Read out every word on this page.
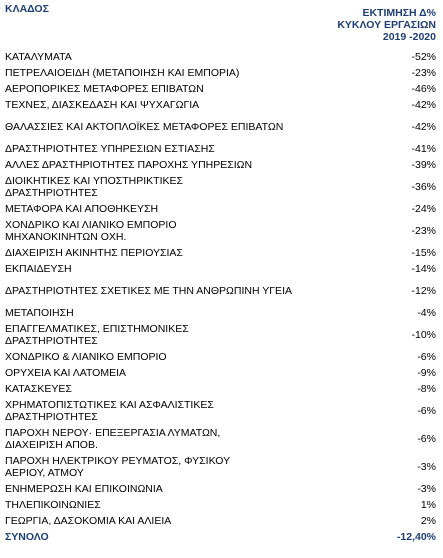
ΚΛΑΔΟΣ	ΕΚΤΙΜΗΣΗ Δ%
ΚΥΚΛΟΥ ΕΡΓΑΣΙΩΝ
2019 -2020
ΚΑΤΑΛΥΜΑΤΑ	-52%
ΠΕΤΡΕΛΑΙΟΕΙΔΗ (ΜΕΤΑΠΟΙΗΣΗ ΚΑΙ ΕΜΠΟΡΙΑ)	-23%
ΑΕΡΟΠΟΡΙΚΕΣ ΜΕΤΑΦΟΡΕΣ ΕΠΙΒΑΤΩΝ	-46%
ΤΕΧΝΕΣ, ΔΙΑΣΚΕΔΑΣΗ ΚΑΙ ΨΥΧΑΓΩΓΙΑ	-42%
ΘΑΛΑΣΣΙΕΣ ΚΑΙ ΑΚΤΟΠΛΟΪΚΕΣ ΜΕΤΑΦΟΡΕΣ ΕΠΙΒΑΤΩΝ	-42%
ΔΡΑΣΤΗΡΙΟΤΗΤΕΣ ΥΠΗΡΕΣΙΩΝ ΕΣΤΙΑΣΗΣ	-41%
ΑΛΛΕΣ ΔΡΑΣΤΗΡΙΟΤΗΤΕΣ ΠΑΡΟΧΗΣ ΥΠΗΡΕΣΙΩΝ	-39%
ΔΙΟΙΚΗΤΙΚΕΣ ΚΑΙ ΥΠΟΣΤΗΡΙΚΤΙΚΕΣ ΔΡΑΣΤΗΡΙΟΤΗΤΕΣ	-36%
ΜΕΤΑΦΟΡΑ ΚΑΙ ΑΠΟΘΗΚΕΥΣΗ	-24%
ΧΟΝΔΡΙΚΟ ΚΑΙ ΛΙΑΝΙΚΟ ΕΜΠΟΡΙΟ ΜΗΧΑΝΟΚΙΝΗΤΩΝ ΟΧΗ.	-23%
ΔΙΑΧΕΙΡΙΣΗ ΑΚΙΝΗΤΗΣ ΠΕΡΙΟΥΣΙΑΣ	-15%
ΕΚΠΑΙΔΕΥΣΗ	-14%
ΔΡΑΣΤΗΡΙΟΤΗΤΕΣ ΣΧΕΤΙΚΕΣ ΜΕ ΤΗΝ ΑΝΘΡΩΠΙΝΗ ΥΓΕΙΑ	-12%
ΜΕΤΑΠΟΙΗΣΗ	-4%
ΕΠΑΓΓΕΛΜΑΤΙΚΕΣ, ΕΠΙΣΤΗΜΟΝΙΚΕΣ ΔΡΑΣΤΗΡΙΟΤΗΤΕΣ	-10%
ΧΟΝΔΡΙΚΟ & ΛΙΑΝΙΚΟ ΕΜΠΟΡΙΟ	-6%
ΟΡΥΧΕΙΑ ΚΑΙ ΛΑΤΟΜΕΙΑ	-9%
ΚΑΤΑΣΚΕΥΕΣ	-8%
ΧΡΗΜΑΤΟΠΙΣΤΩΤΙΚΕΣ ΚΑΙ ΑΣΦΑΛΙΣΤΙΚΕΣ ΔΡΑΣΤΗΡΙΟΤΗΤΕΣ	-6%
ΠΑΡΟΧΗ ΝΕΡΟΥ· ΕΠΕΞΕΡΓΑΣΙΑ ΛΥΜΑΤΩΝ, ΔΙΑΧΕΙΡΙΣΗ ΑΠΟΒ.	-6%
ΠΑΡΟΧΗ ΗΛΕΚΤΡΙΚΟΥ ΡΕΥΜΑΤΟΣ, ΦΥΣΙΚΟΥ ΑΕΡΙΟΥ, ΑΤΜΟΥ	-3%
ΕΝΗΜΕΡΩΣΗ ΚΑΙ ΕΠΙΚΟΙΝΩΝΙΑ	-3%
ΤΗΛΕΠΙΚΟΙΝΩΝΙΕΣ	1%
ΓΕΩΡΓΙΑ, ΔΑΣΟΚΟΜΙΑ ΚΑΙ ΑΛΙΕΙΑ	2%
ΣΥΝΟΛΟ	-12,40%
